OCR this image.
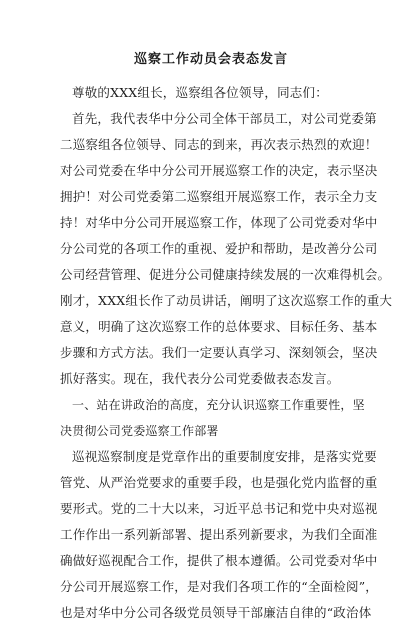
巡察工作动员会表态发言
尊敬的XXX组长，巡察组各位领导，同志们：
首先，我代表华中分公司全体干部员工，对公司党委第
二巡察组各位领导、同志的到来，再次表示热烈的欢迎！
对公司党委在华中分公司开展巡察工作的决定，表示坚决
拥护！对公司党委第二巡察组开展巡察工作，表示全力支
持！对华中分公司开展巡察工作，体现了公司党委对华中
分公司党的各项工作的重视、爱护和帮助，是改善分公司
公司经营管理、促进分公司健康持续发展的一次难得机会。
刚才，XXX组长作了动员讲话，阐明了这次巡察工作的重大
意义，明确了这次巡察工作的总体要求、目标任务、基本
步骤和方式方法。我们一定要认真学习、深刻领会，坚决
抓好落实。现在，我代表分公司党委做表态发言。
一、站在讲政治的高度，充分认识巡察工作重要性，坚
决贯彻公司党委巡察工作部署
巡视巡察制度是党章作出的重要制度安排，是落实党要
管党、从严治党要求的重要手段，也是强化党内监督的重
要形式。党的二十大以来，习近平总书记和党中央对巡视
工作作出一系列新部署、提出系列新要求，为我们全面准
确做好巡视配合工作，提供了根本遵循。公司党委对华中
分公司开展巡察工作，是对我们各项工作的“全面检阅”，
也是对华中分公司各级党员领导干部廉洁自律的“政治体
